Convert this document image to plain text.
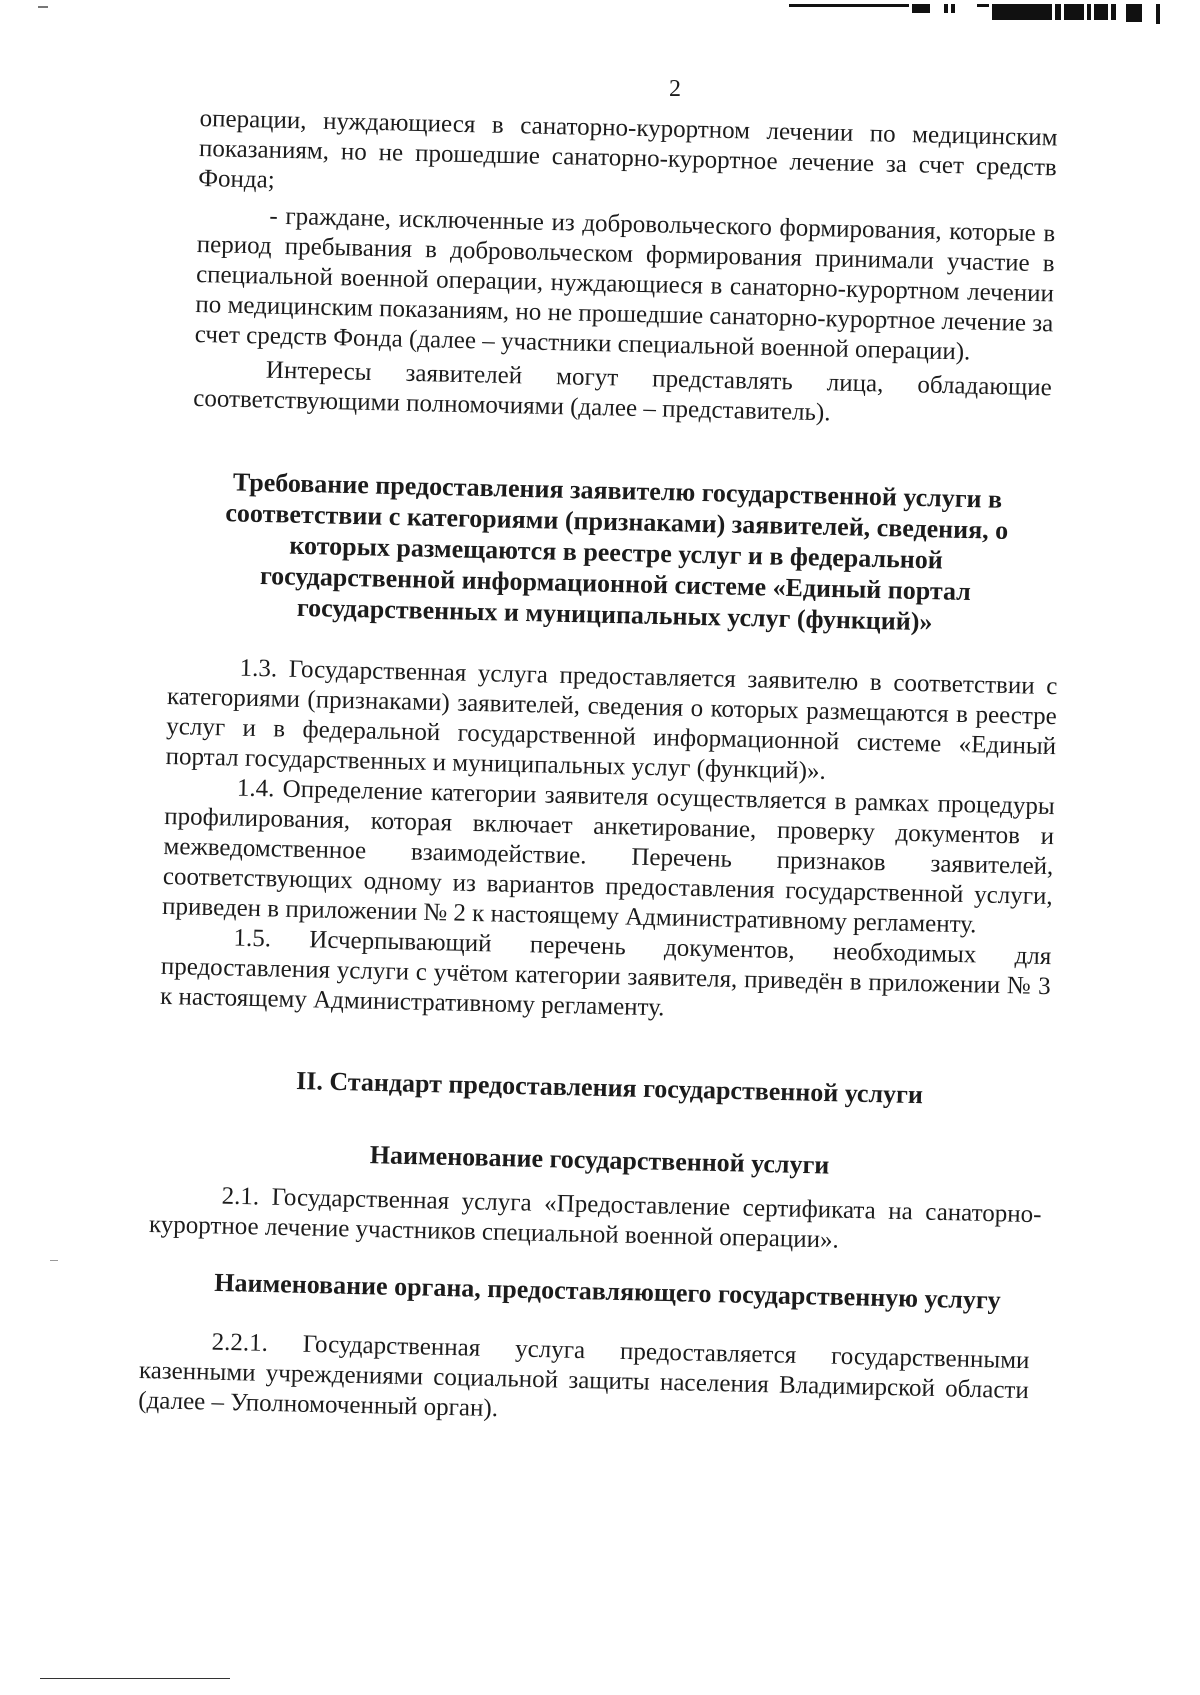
2

операции, нуждающиеся в санаторно-курортном лечении по медицинским показаниям, но не прошедшие санаторно-курортное лечение за счет средств Фонда;

- граждане, исключенные из добровольческого формирования, которые в период пребывания в добровольческом формирования принимали участие в специальной военной операции, нуждающиеся в санаторно-курортном лечении по медицинским показаниям, но не прошедшие санаторно-курортное лечение за счет средств Фонда (далее – участники специальной военной операции).

Интересы заявителей могут представлять лица, обладающие соответствующими полномочиями (далее – представитель).

Требование предоставления заявителю государственной услуги в соответствии с категориями (признаками) заявителей, сведения, о которых размещаются в реестре услуг и в федеральной государственной информационной системе «Единый портал государственных и муниципальных услуг (функций)»

1.3. Государственная услуга предоставляется заявителю в соответствии с категориями (признаками) заявителей, сведения о которых размещаются в реестре услуг и в федеральной государственной информационной системе «Единый портал государственных и муниципальных услуг (функций)».

1.4. Определение категории заявителя осуществляется в рамках процедуры профилирования, которая включает анкетирование, проверку документов и межведомственное взаимодействие. Перечень признаков заявителей, соответствующих одному из вариантов предоставления государственной услуги, приведен в приложении № 2 к настоящему Административному регламенту.

1.5. Исчерпывающий перечень документов, необходимых для предоставления услуги с учётом категории заявителя, приведён в приложении № 3 к настоящему Административному регламенту.

II. Стандарт предоставления государственной услуги

Наименование государственной услуги

2.1. Государственная услуга «Предоставление сертификата на санаторно-курортное лечение участников специальной военной операции».

Наименование органа, предоставляющего государственную услугу

2.2.1. Государственная услуга предоставляется государственными казенными учреждениями социальной защиты населения Владимирской области (далее – Уполномоченный орган).
